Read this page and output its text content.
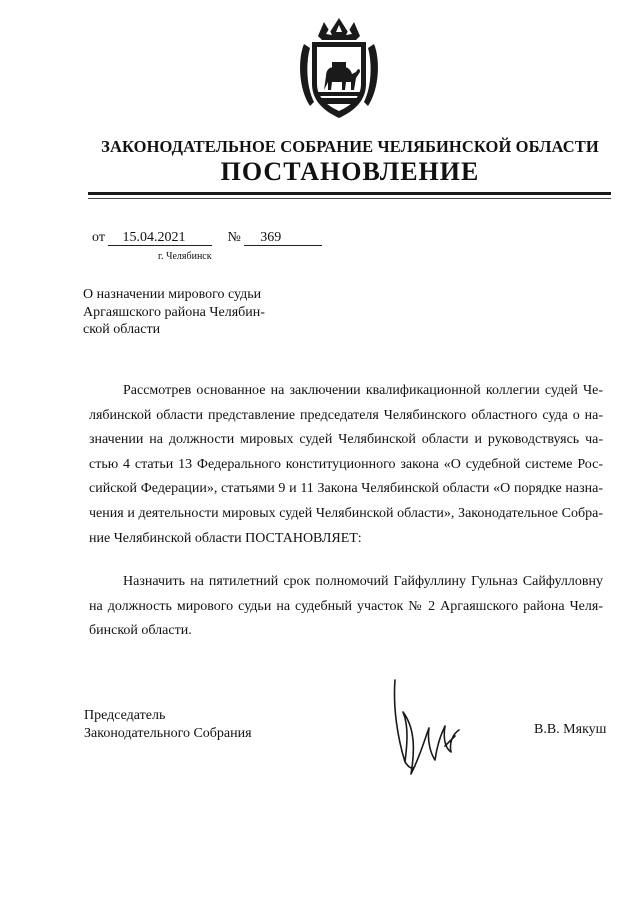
ЗАКОНОДАТЕЛЬНОЕ СОБРАНИЕ ЧЕЛЯБИНСКОЙ ОБЛАСТИ
ПОСТАНОВЛЕНИЕ
от 15.04.2021	№ 369
г. Челябинск
О назначении мирового судьи
Аргаяшского района Челябин-
ской области
Рассмотрев основанное на заключении квалификационной коллегии судей Че-
лябинской области представление председателя Челябинского областного суда о на-
значении на должности мировых судей Челябинской области и руководствуясь ча-
стью 4 статьи 13 Федерального конституционного закона «О судебной системе Рос-
сийской Федерации», статьями 9 и 11 Закона Челябинской области «О порядке назна-
чения и деятельности мировых судей Челябинской области», Законодательное Собра-
ние Челябинской области ПОСТАНОВЛЯЕТ:
Назначить на пятилетний срок полномочий Гайфуллину Гульназ Сайфулловну
на должность мирового судьи на судебный участок № 2 Аргаяшского района Челя-
бинской области.
Председатель
Законодательного Собрания	В.В. Мякуш
